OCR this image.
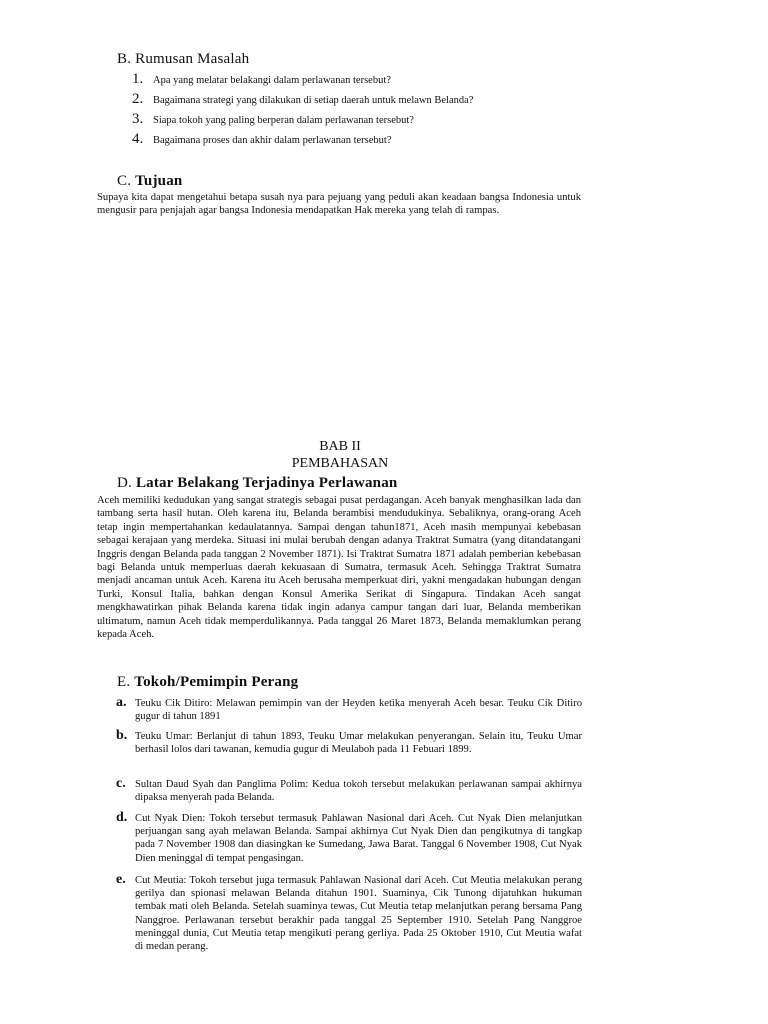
B. Rumusan Masalah
1. Apa yang melatar belakangi dalam perlawanan tersebut?
2. Bagaimana strategi yang dilakukan di setiap daerah untuk melawn Belanda?
3. Siapa tokoh yang paling berperan dalam perlawanan tersebut?
4. Bagaimana proses dan akhir dalam perlawanan tersebut?
C. Tujuan
Supaya kita dapat mengetahui betapa susah nya para pejuang yang peduli akan keadaan bangsa Indonesia untuk mengusir para penjajah agar bangsa Indonesia mendapatkan Hak mereka yang telah di rampas.
BAB II
PEMBAHASAN
D. Latar Belakang Terjadinya Perlawanan
Aceh memiliki kedudukan yang sangat strategis sebagai pusat perdagangan. Aceh banyak menghasilkan lada dan tambang serta hasil hutan. Oleh karena itu, Belanda berambisi mendudukinya. Sebaliknya, orang-orang Aceh tetap ingin mempertahankan kedaulatannya. Sampai dengan tahun1871, Aceh masih mempunyai kebebasan sebagai kerajaan yang merdeka. Situasi ini mulai berubah dengan adanya Traktrat Sumatra (yang ditandatangani Inggris dengan Belanda pada tanggan 2 November 1871). Isi Traktrat Sumatra 1871 adalah pemberian kebebasan bagi Belanda untuk memperluas daerah kekuasaan di Sumatra, termasuk Aceh. Sehingga Traktrat Sumatra menjadi ancaman untuk Aceh. Karena itu Aceh berusaha memperkuat diri, yakni mengadakan hubungan dengan Turki, Konsul Italia, bahkan dengan Konsul Amerika Serikat di Singapura. Tindakan Aceh sangat mengkhawatirkan pihak Belanda karena tidak ingin adanya campur tangan dari luar, Belanda memberikan ultimatum, namun Aceh tidak memperdulikannya. Pada tanggal 26 Maret 1873, Belanda memaklumkan perang kepada Aceh.
E. Tokoh/Pemimpin Perang
a. Teuku Cik Ditiro: Melawan pemimpin van der Heyden ketika menyerah Aceh besar. Teuku Cik Ditiro gugur di tahun 1891
b. Teuku Umar: Berlanjut di tahun 1893, Teuku Umar melakukan penyerangan. Selain itu, Teuku Umar berhasil lolos dari tawanan, kemudia gugur di Meulaboh pada 11 Febuari 1899.
c. Sultan Daud Syah dan Panglima Polim: Kedua tokoh tersebut melakukan perlawanan sampai akhirnya dipaksa menyerah pada Belanda.
d. Cut Nyak Dien: Tokoh tersebut termasuk Pahlawan Nasional dari Aceh. Cut Nyak Dien melanjutkan perjuangan sang ayah melawan Belanda. Sampai akhirnya Cut Nyak Dien dan pengikutnya di tangkap pada 7 November 1908 dan diasingkan ke Sumedang, Jawa Barat. Tanggal 6 November 1908, Cut Nyak Dien meninggal di tempat pengasingan.
e. Cut Meutia: Tokoh tersebut juga termasuk Pahlawan Nasional dari Aceh. Cut Meutia melakukan perang gerilya dan spionasi melawan Belanda ditahun 1901. Suaminya, Cik Tunong dijatuhkan hukuman tembak mati oleh Belanda. Setelah suaminya tewas, Cut Meutia tetap melanjutkan perang bersama Pang Nanggroe. Perlawanan tersebut berakhir pada tanggal 25 September 1910. Setelah Pang Nanggroe meninggal dunia, Cut Meutia tetap mengikuti perang gerliya. Pada 25 Oktober 1910, Cut Meutia wafat di medan perang.
